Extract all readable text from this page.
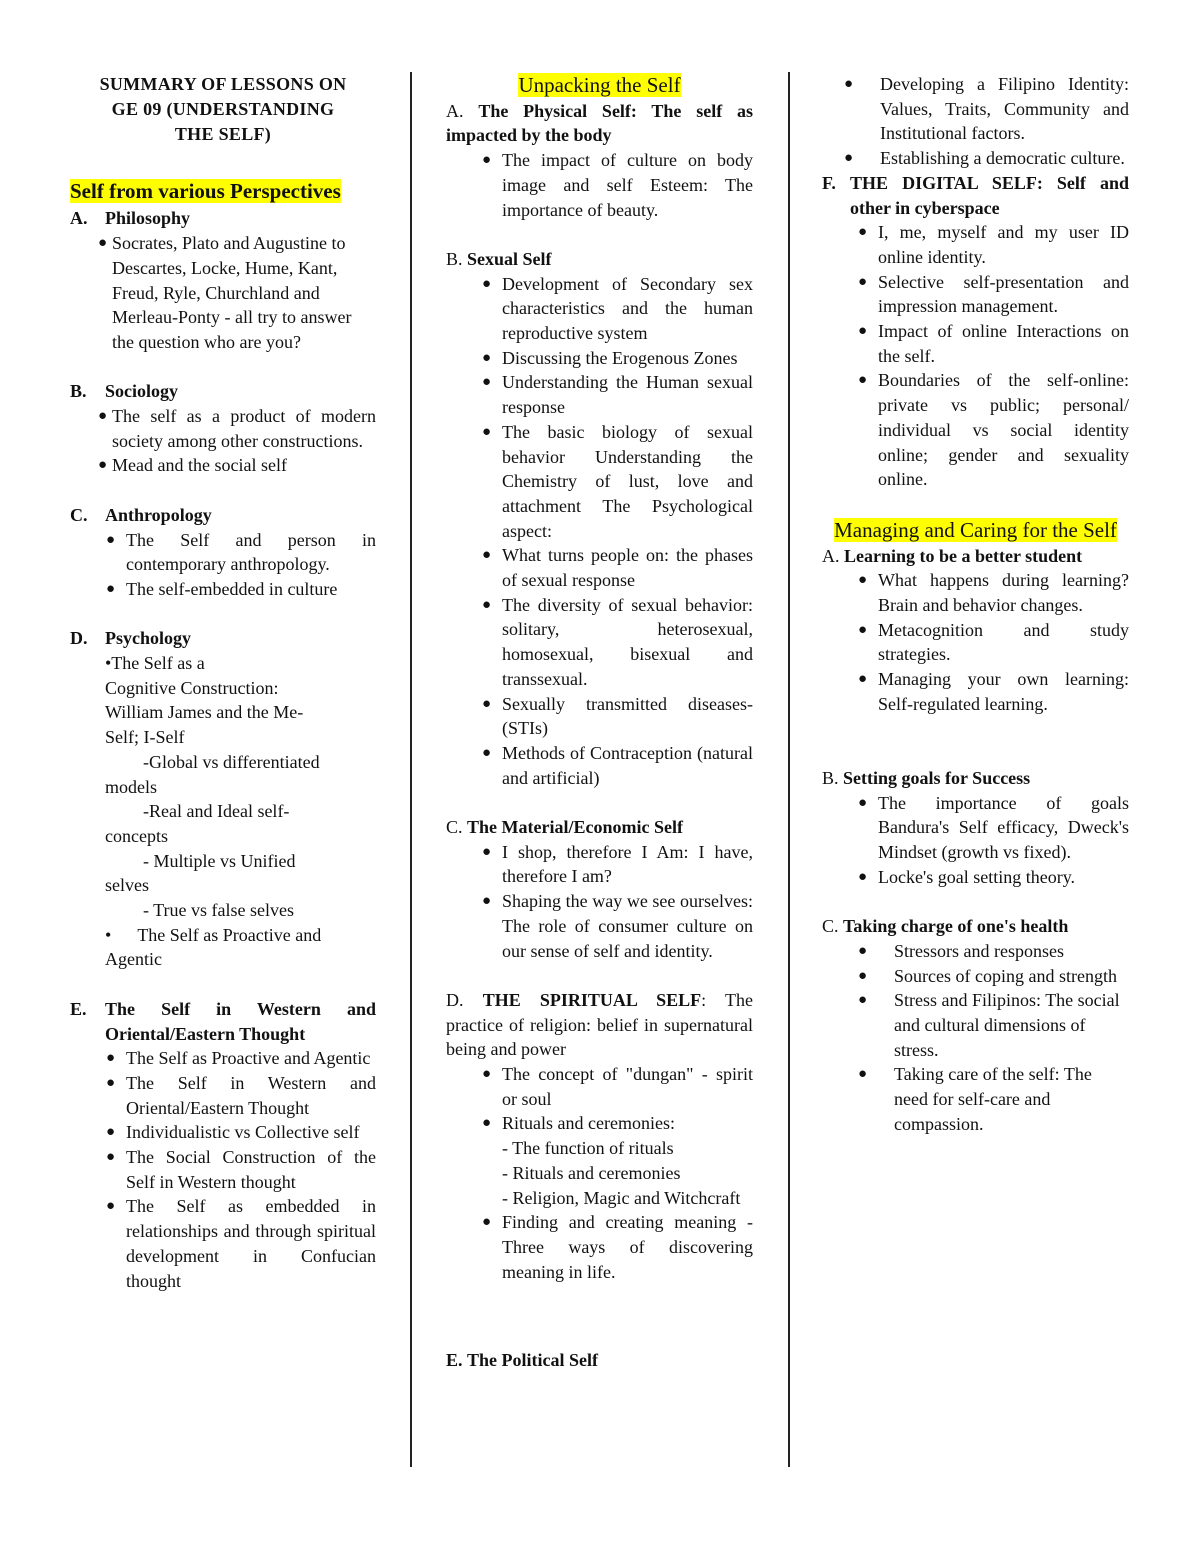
SUMMARY OF LESSONS ON
GE 09 (UNDERSTANDING
THE SELF)
Self from various Perspectives
A. Philosophy
● Socrates, Plato and Augustine to Descartes, Locke, Hume, Kant, Freud, Ryle, Churchland and Merleau-Ponty - all try to answer the question who are you?
B.	Sociology
● The self as a product of modern society among other constructions.
● Mead and the social self
C. Anthropology
● The Self and person in contemporary anthropology.
● The self-embedded in culture
D. Psychology
•The Self as a
Cognitive Construction:
William James and the Me-
Self; I-Self
-Global vs differentiated
models
-Real and Ideal self-
concepts
- Multiple vs Unified
selves
- True vs false selves
• The Self as Proactive and
Agentic
E.	The Self in Western and Oriental/Eastern Thought
● The Self as Proactive and Agentic
● The Self in Western and Oriental/Eastern Thought
● Individualistic vs Collective self
● The Social Construction of the Self in Western thought
● The Self as embedded in relationships and through spiritual development in Confucian thought
Unpacking the Self
A. The Physical Self: The self as impacted by the body
● The impact of culture on body image and self Esteem: The importance of beauty.
B. Sexual Self
● Development of Secondary sex characteristics and the human reproductive system
● Discussing the Erogenous Zones
● Understanding the Human sexual response
● The basic biology of sexual behavior Understanding the Chemistry of lust, love and attachment The Psychological aspect:
● What turns people on: the phases of sexual response
● The diversity of sexual behavior: solitary, heterosexual, homosexual, bisexual and transsexual.
● Sexually transmitted diseases-(STIs)
● Methods of Contraception (natural and artificial)
C. The Material/Economic Self
● I shop, therefore I Am: I have, therefore I am?
● Shaping the way we see ourselves: The role of consumer culture on our sense of self and identity.
D. THE SPIRITUAL SELF: The practice of religion: belief in supernatural being and power
● The concept of "dungan" - spirit or soul
● Rituals and ceremonies:
- The function of rituals
- Rituals and ceremonies
- Religion, Magic and Witchcraft
● Finding and creating meaning - Three ways of discovering meaning in life.
E. The Political Self
● Developing a Filipino Identity: Values, Traits, Community and Institutional factors.
● Establishing a democratic culture.
F. THE DIGITAL SELF: Self and other in cyberspace
● I, me, myself and my user ID online identity.
● Selective self-presentation and impression management.
● Impact of online Interactions on the self.
● Boundaries of the self-online: private vs public; personal/ individual vs social identity online; gender and sexuality online.
Managing and Caring for the Self
A. Learning to be a better student
● What happens during learning? Brain and behavior changes.
● Metacognition and study strategies.
● Managing your own learning: Self-regulated learning.
B. Setting goals for Success
● The importance of goals Bandura's Self efficacy, Dweck's Mindset (growth vs fixed).
● Locke's goal setting theory.
C. Taking charge of one's health
● Stressors and responses
● Sources of coping and strength
● Stress and Filipinos: The social and cultural dimensions of stress.
● Taking care of the self: The need for self-care and compassion.
